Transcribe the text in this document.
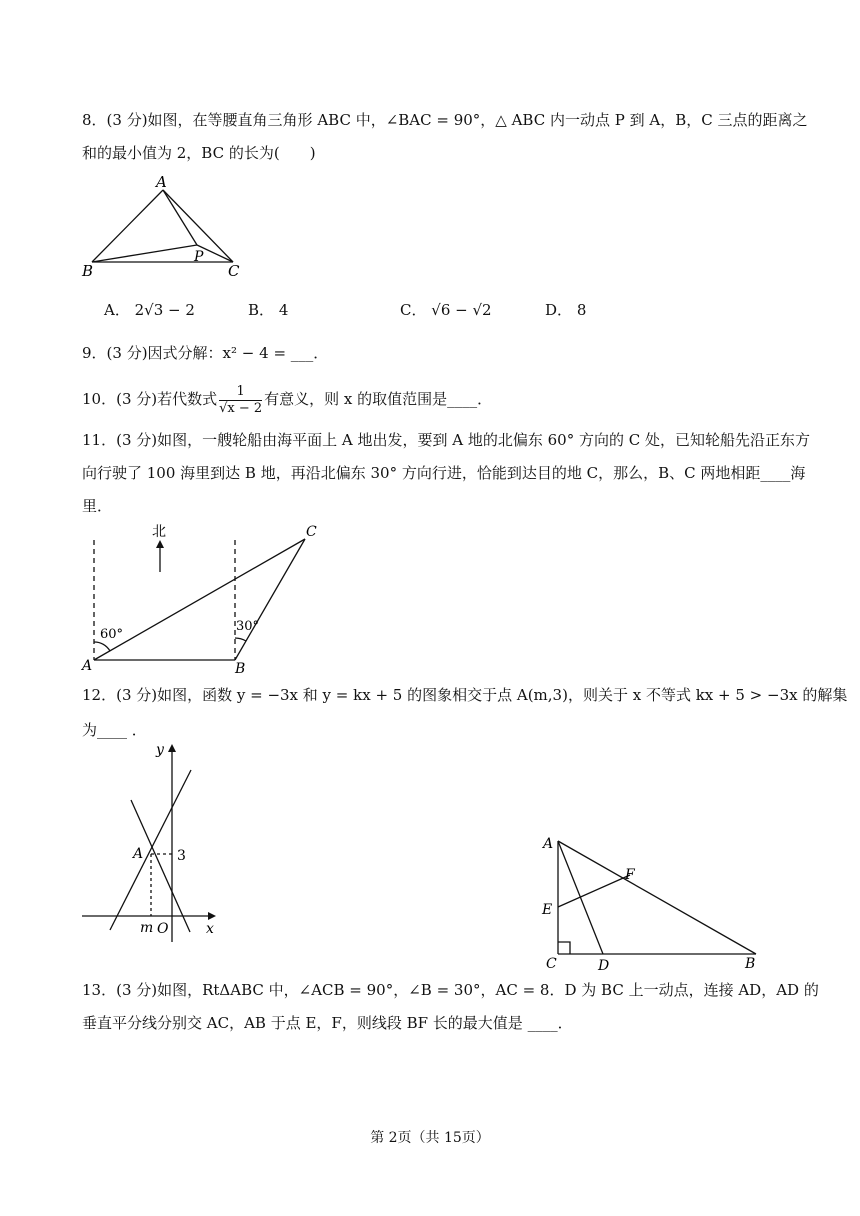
8．(3 分)如图，在等腰直角三角形 ABC 中，∠BAC = 90°，△ ABC 内一动点 P 到 A，B，C 三点的距离之
和的最小值为 2，BC 的长为(　　)
A
B	C
P
A． 2√3 − 2	B． 4	C． √6 − √2	D． 8
9．(3 分)因式分解：x² − 4 = ___．
10．(3 分)若代数式 $\frac{1}{√x - 2}$ 有意义，则 x 的取值范围是____．
11．(3 分)如图，一艘轮船由海平面上 A 地出发，要到 A 地的北偏东 60° 方向的 C 处，已知轮船先沿正东方
向行驶了 100 海里到达 B 地，再沿北偏东 30° 方向行进，恰能到达目的地 C，那么，B、C 两地相距____海
里．
北
60°
30°
A	B
C
12．(3 分)如图，函数 y = −3x 和 y = kx + 5 的图象相交于点 A(m,3)，则关于 x 不等式 kx + 5 > −3x 的解集
为____ ．
y
x
A 3
m O
A
E
F
C	D	B
13．(3 分)如图，RtΔABC 中，∠ACB = 90°，∠B = 30°，AC = 8．D 为 BC 上一动点，连接 AD，AD 的
垂直平分线分别交 AC，AB 于点 E，F，则线段 BF 长的最大值是 ____．
第 2页（共 15页）
